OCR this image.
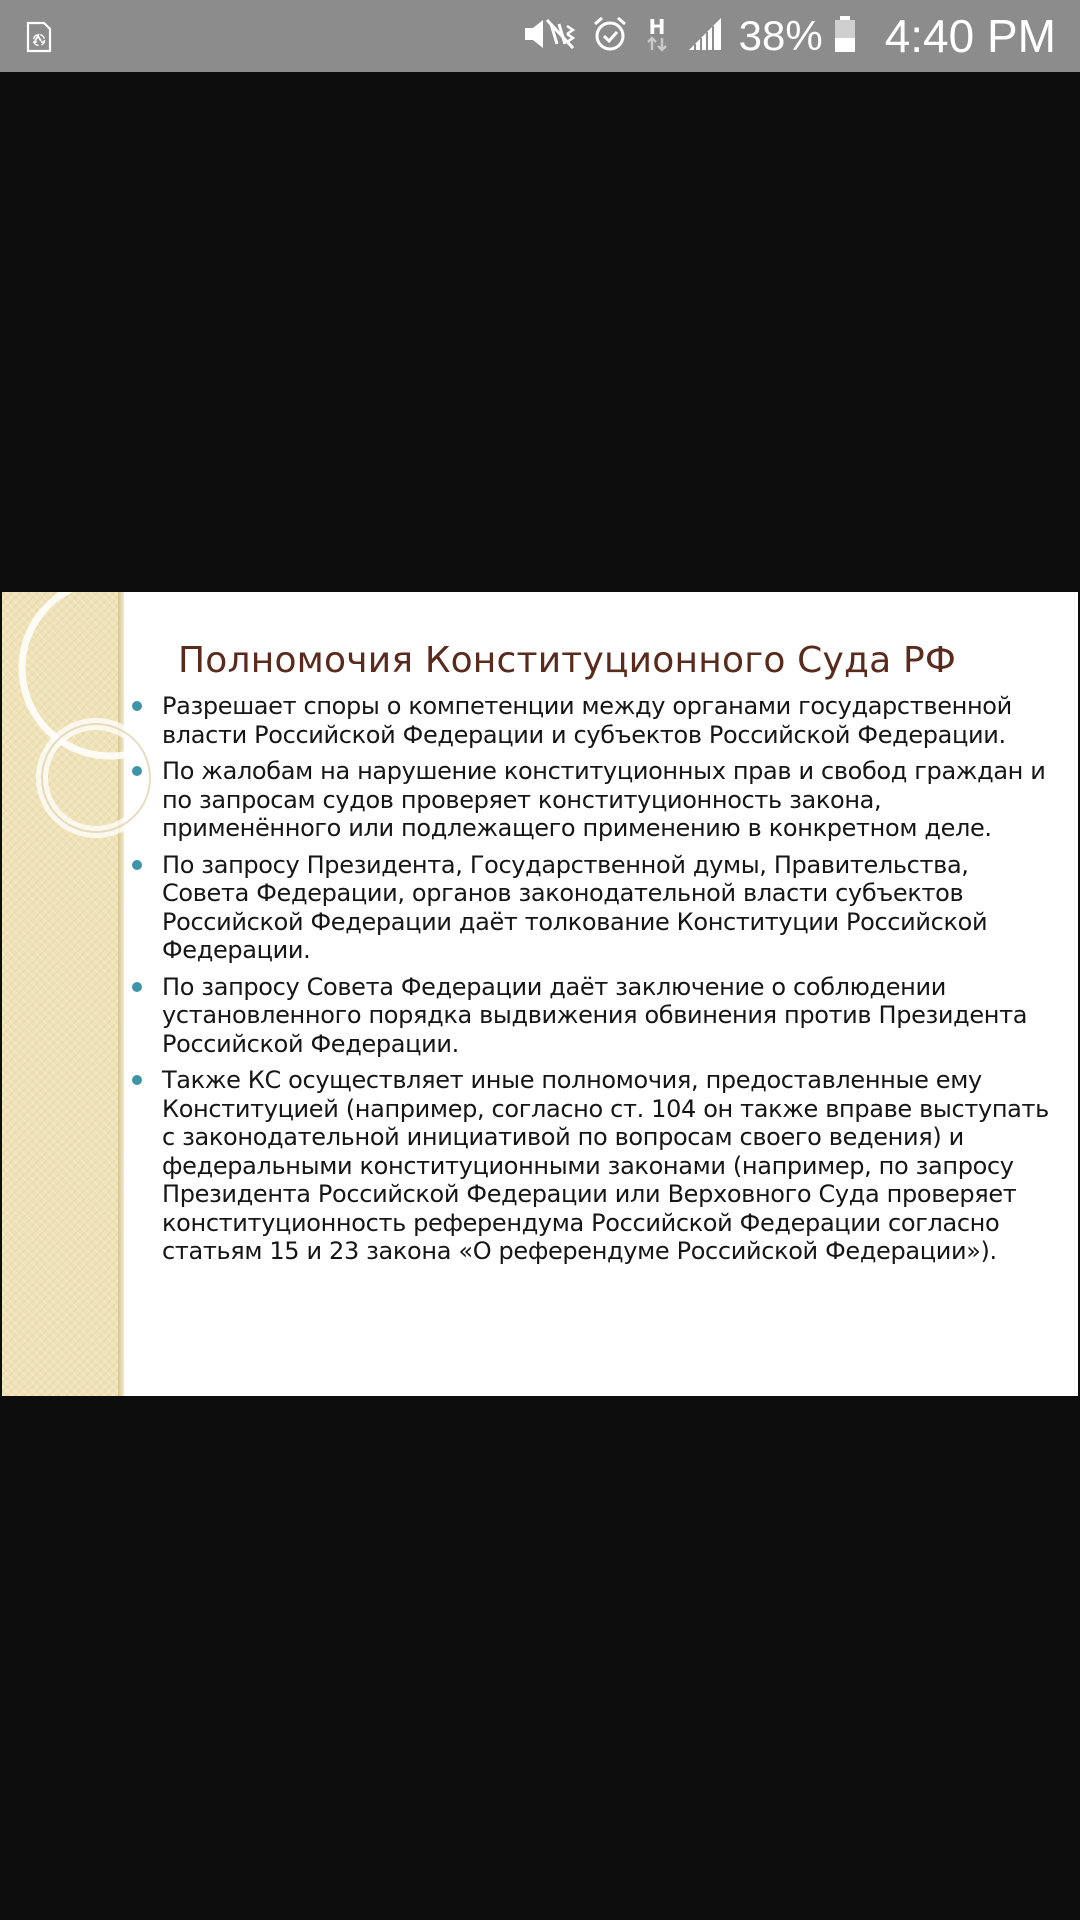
H 38% 4:40 PM
Полномочия Конституционного Суда РФ
Разрешает споры о компетенции между органами государственной власти Российской Федерации и субъектов Российской Федерации.
По жалобам на нарушение конституционных прав и свобод граждан и по запросам судов проверяет конституционность закона, применённого или подлежащего применению в конкретном деле.
По запросу Президента, Государственной думы, Правительства, Совета Федерации, органов законодательной власти субъектов Российской Федерации даёт толкование Конституции Российской Федерации.
По запросу Совета Федерации даёт заключение о соблюдении установленного порядка выдвижения обвинения против Президента Российской Федерации.
Также КС осуществляет иные полномочия, предоставленные ему Конституцией (например, согласно ст. 104 он также вправе выступать с законодательной инициативой по вопросам своего ведения) и федеральными конституционными законами (например, по запросу Президента Российской Федерации или Верховного Суда проверяет конституционность референдума Российской Федерации согласно статьям 15 и 23 закона «О референдуме Российской Федерации»).
